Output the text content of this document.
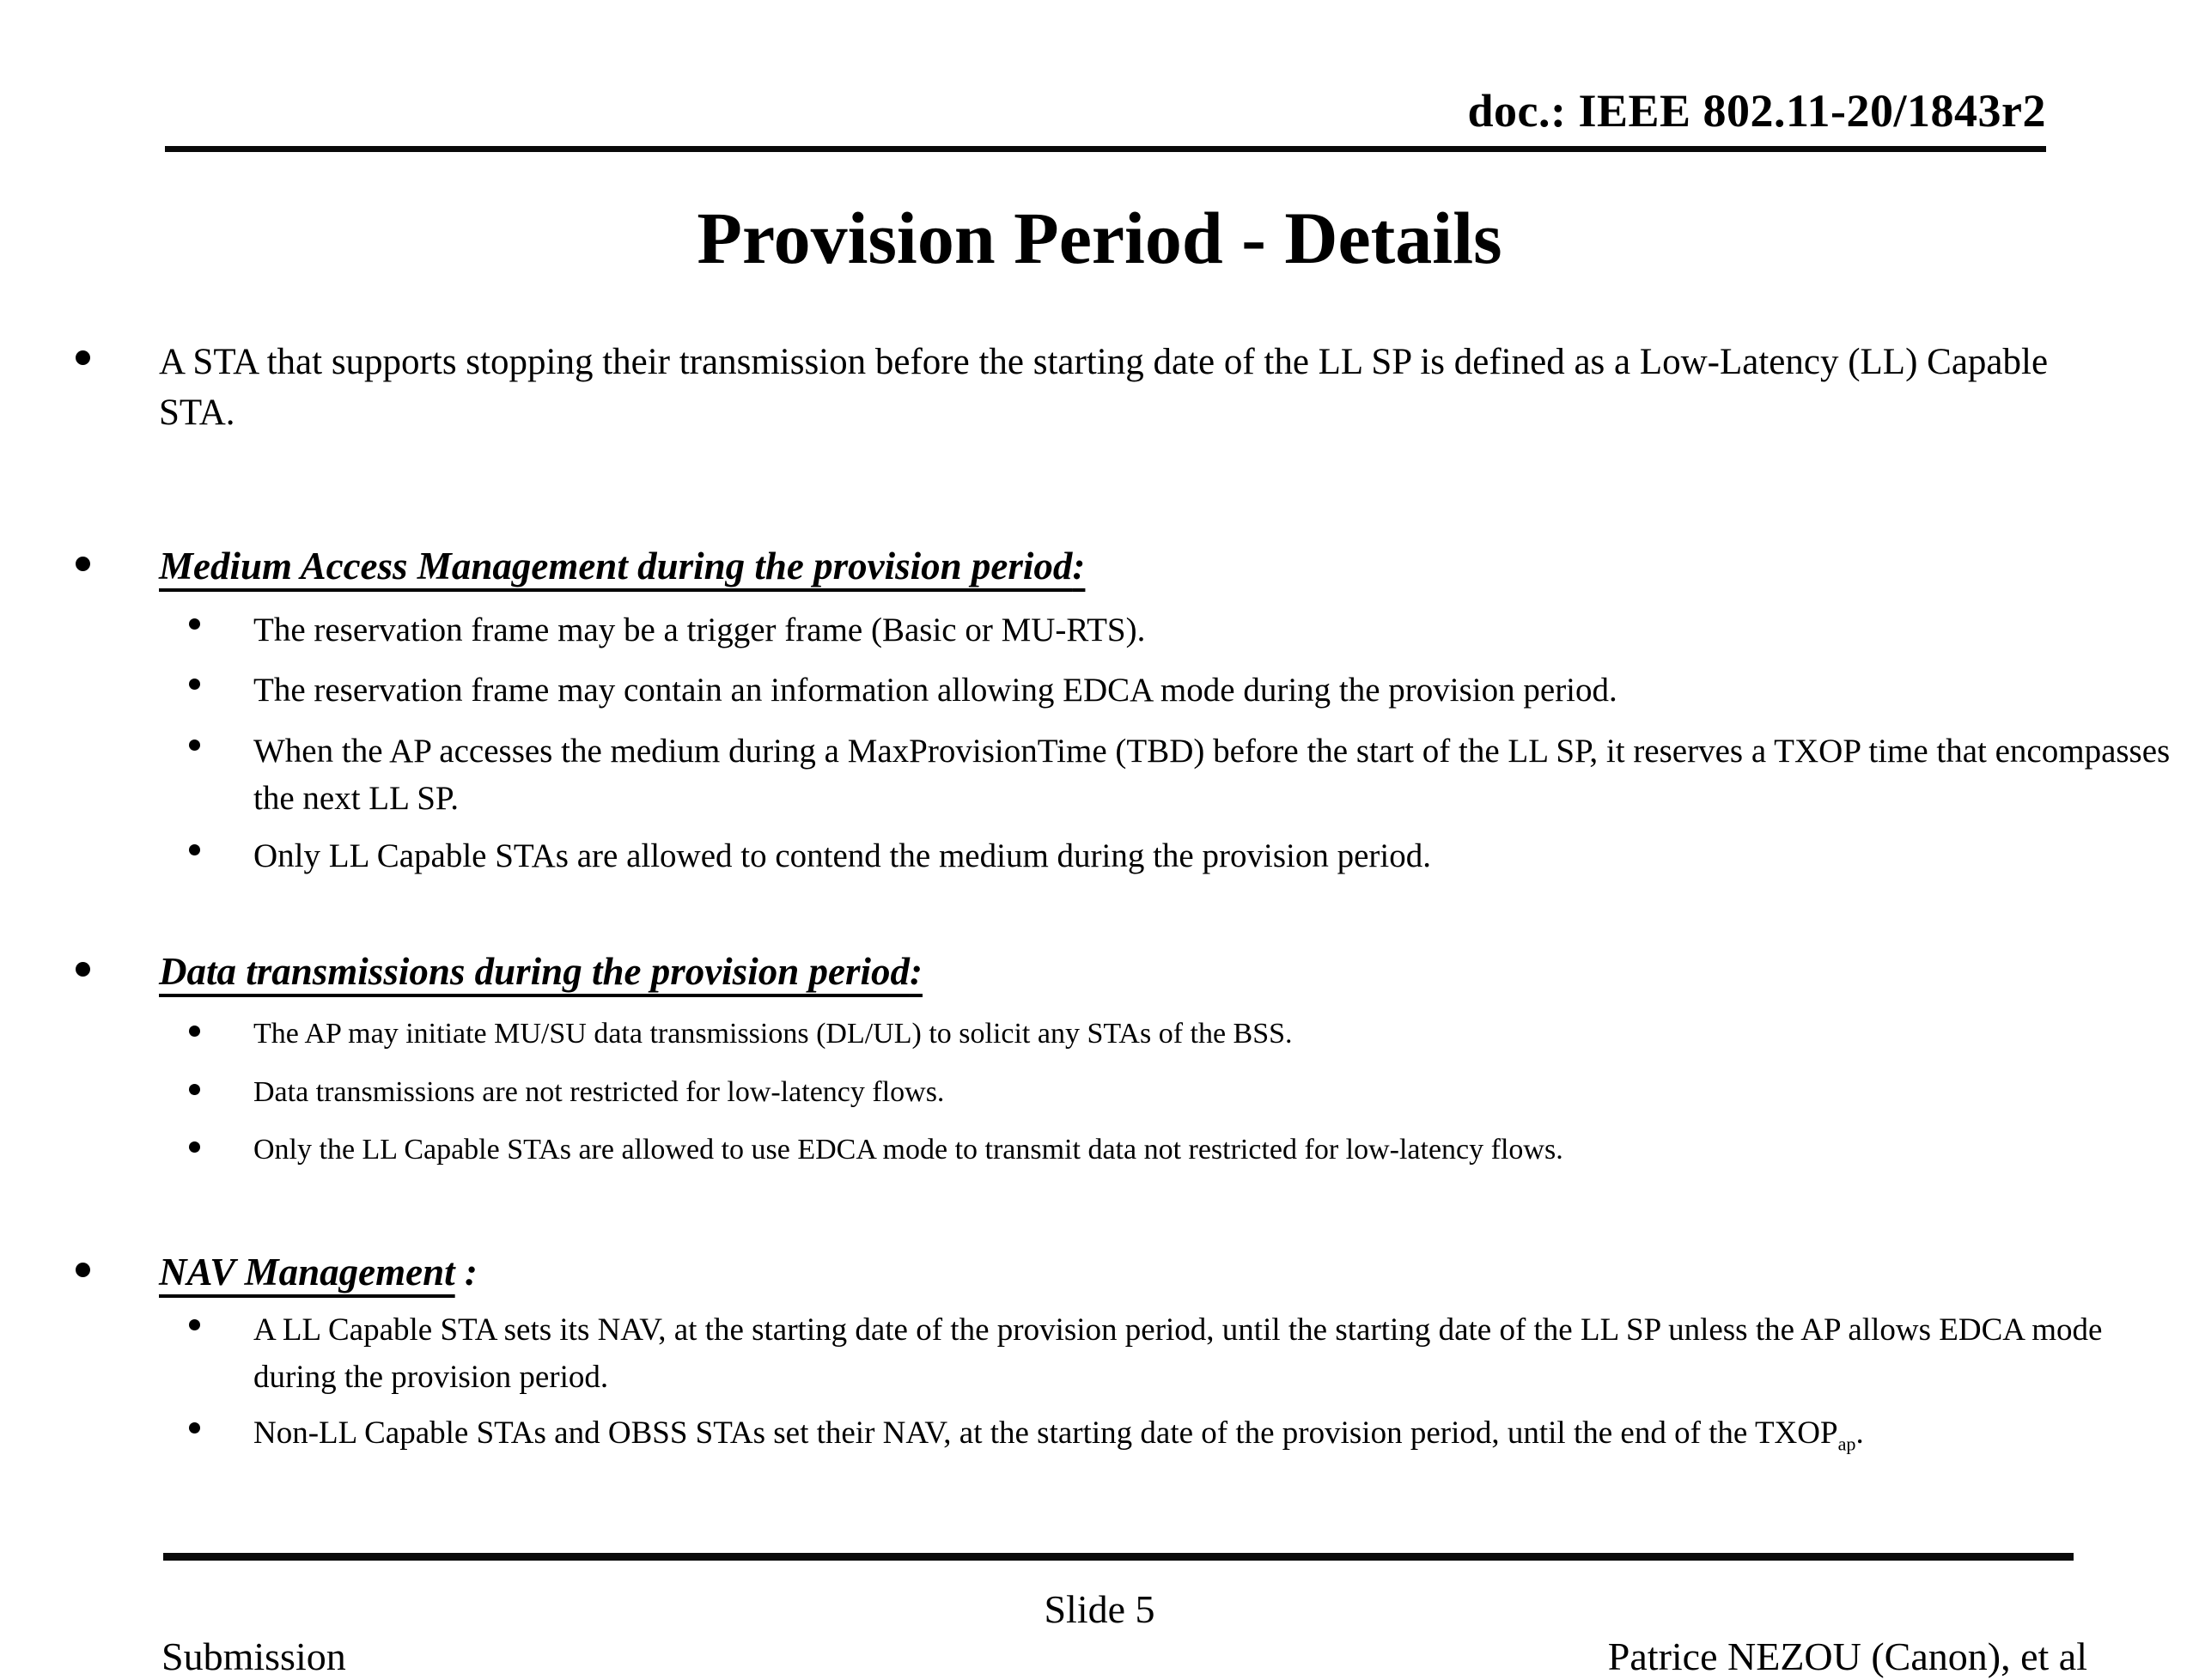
doc.: IEEE 802.11-20/1843r2
Provision Period - Details
A STA that supports stopping their transmission before the starting date of the LL SP is defined as a Low-Latency (LL) Capable STA.
Medium Access Management during the provision period:
The reservation frame may be a trigger frame (Basic or MU-RTS).
The reservation frame may contain an information allowing EDCA mode during the provision period.
When the AP accesses the medium during a MaxProvisionTime (TBD) before the start of the LL SP, it reserves a TXOP time that encompasses the next LL SP.
Only LL Capable STAs are allowed to contend the medium during the provision period.
Data transmissions during the provision period:
The AP may initiate MU/SU data transmissions (DL/UL) to solicit any STAs of the BSS.
Data transmissions are not restricted for low-latency flows.
Only the LL Capable STAs are allowed to use EDCA mode to transmit data not restricted for low-latency flows.
NAV Management :
A LL Capable STA sets its NAV, at the starting date of the provision period, until the starting date of the LL SP unless the AP allows EDCA mode during the provision period.
Non-LL Capable STAs and OBSS STAs set their NAV, at the starting date of the provision period, until the end of the $TXOP_{ap}$.
Slide 5
Submission	Patrice NEZOU (Canon), et al
